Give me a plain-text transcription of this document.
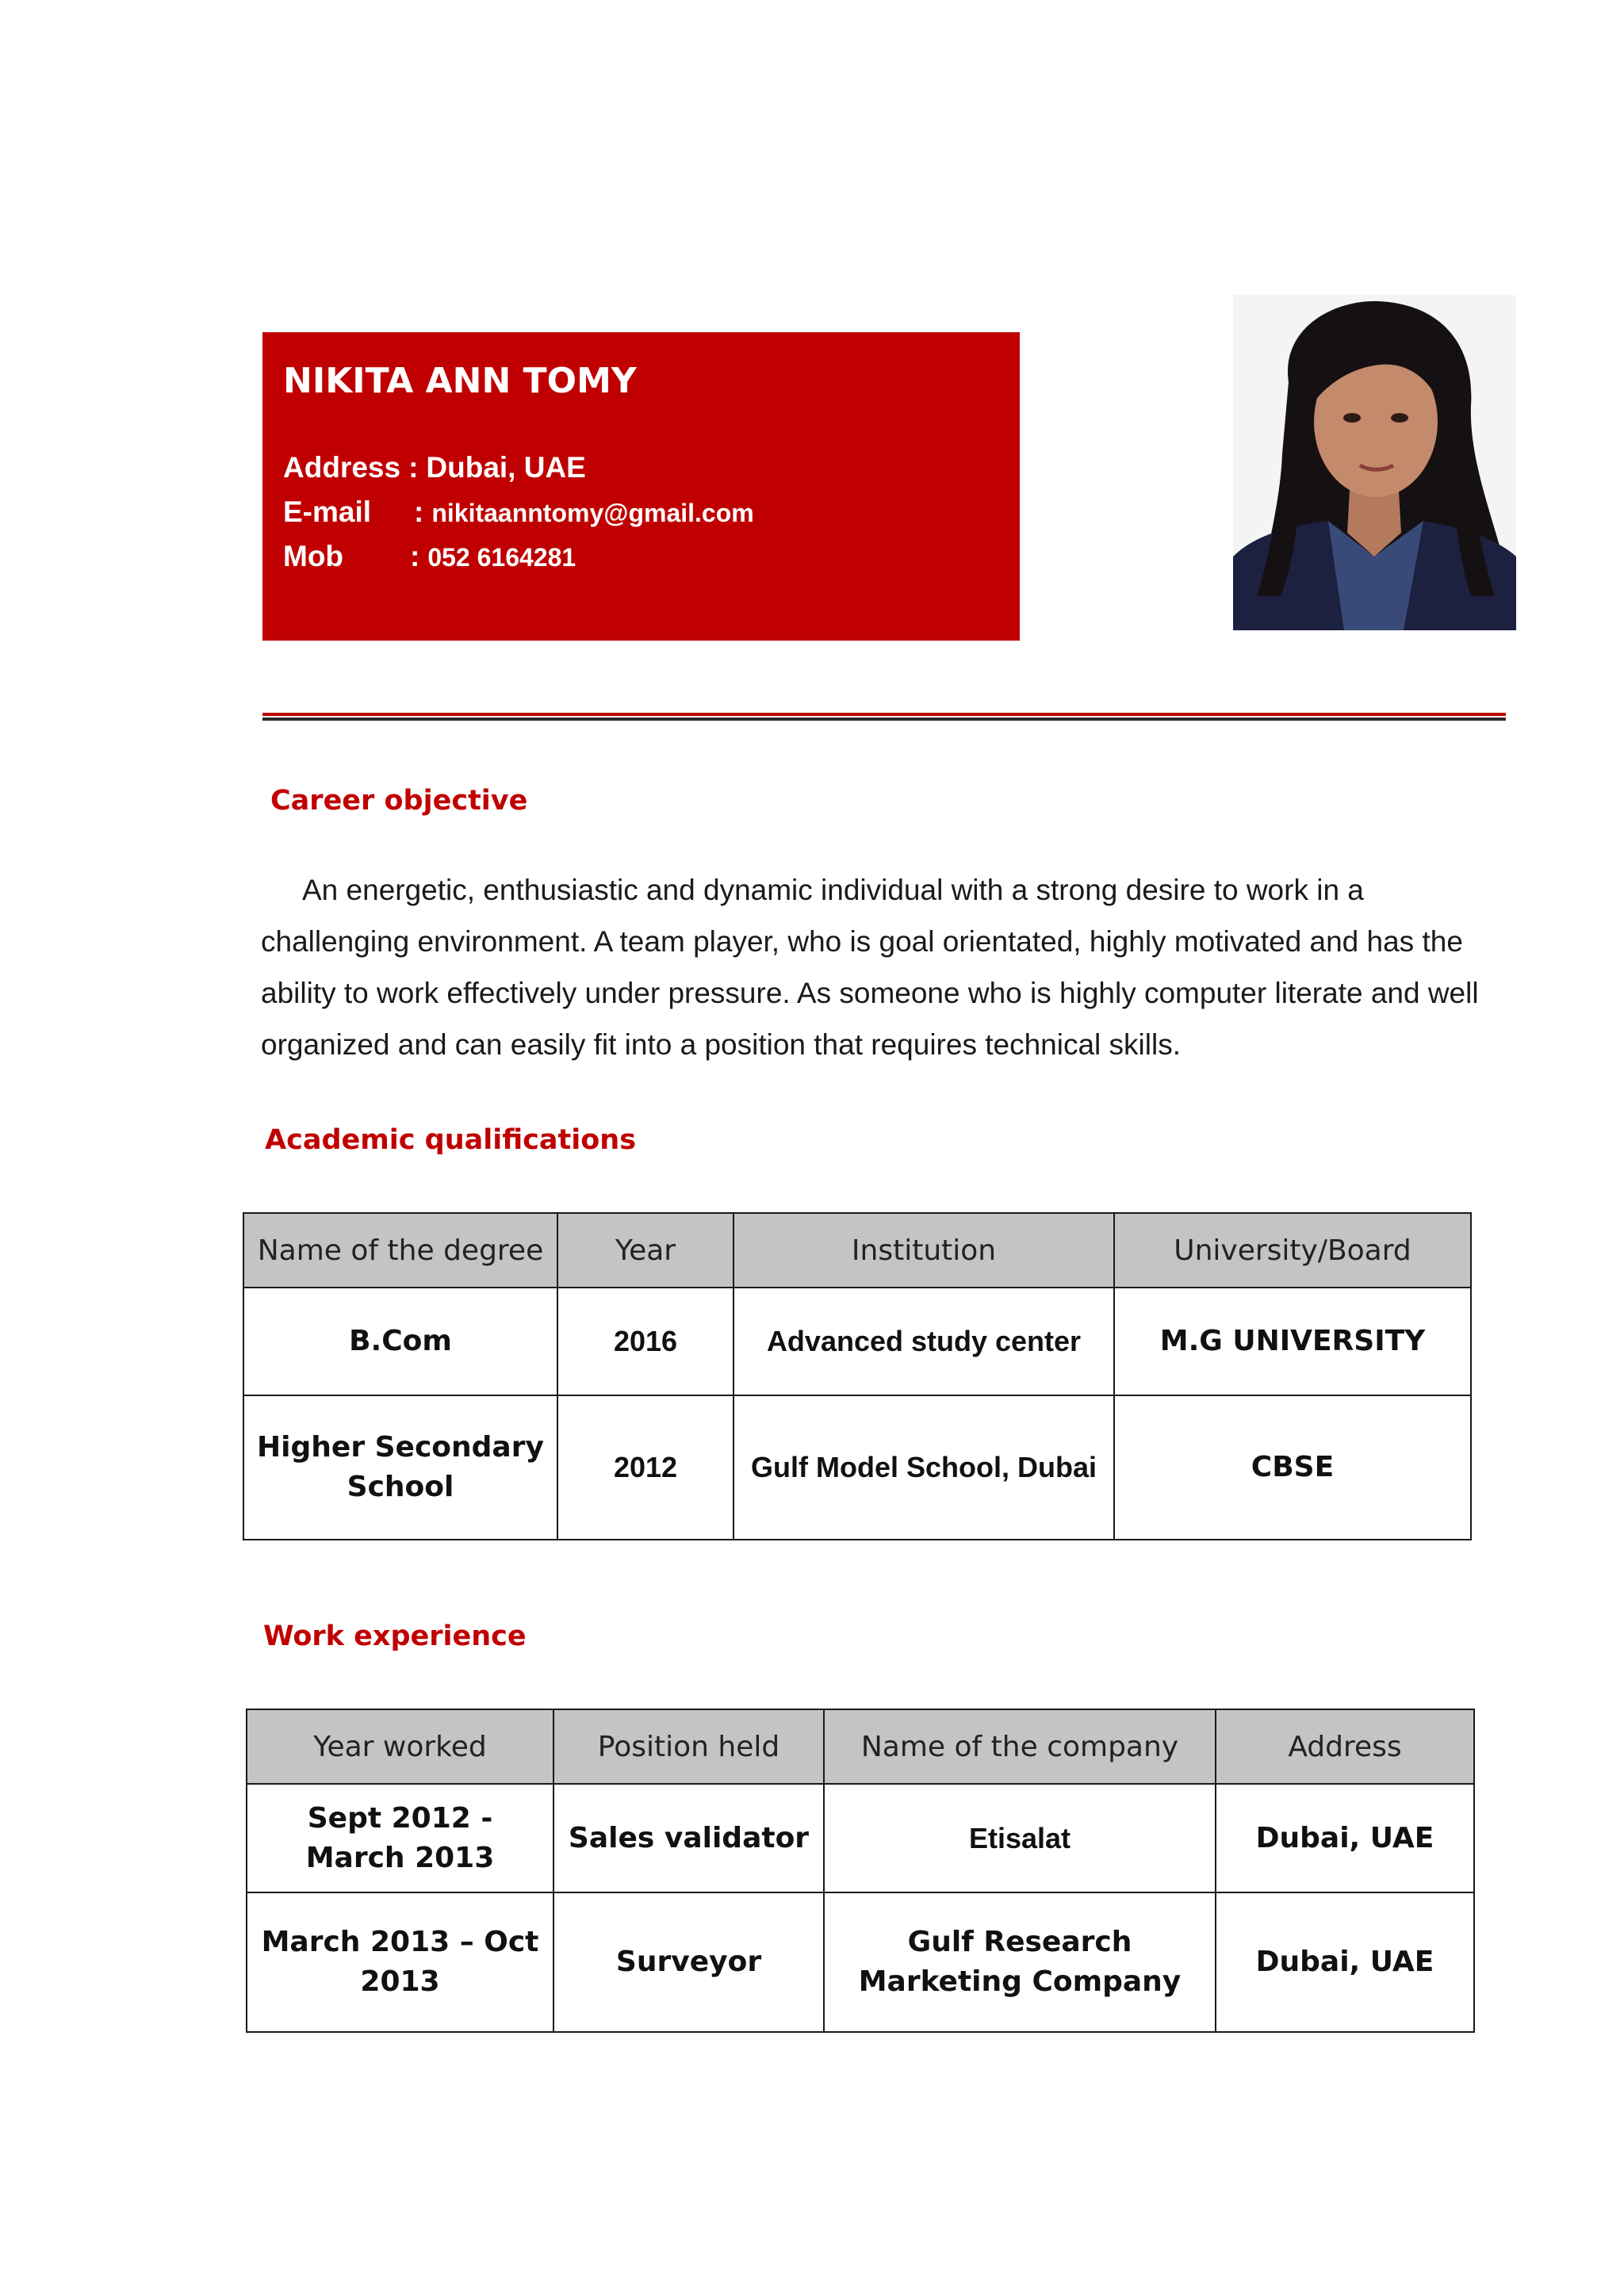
NIKITA ANN TOMY
Address : Dubai, UAE
E-mail	: nikitaanntomy@gmail.com
Mob	: 052 6164281
Career objective

An energetic, enthusiastic and dynamic individual with a strong desire to work in a challenging environment. A team player, who is goal orientated, highly motivated and has the ability to work effectively under pressure. As someone who is highly computer literate and well organized and can easily fit into a position that requires technical skills.

Academic qualifications
Name of the degree	Year	Institution	University/Board
B.Com	2016	Advanced study center	M.G UNIVERSITY
Higher Secondary School	2012	Gulf Model School, Dubai	CBSE
Work experience
Year worked	Position held	Name of the company	Address
Sept 2012 - March 2013	Sales validator	Etisalat	Dubai, UAE
March 2013 – Oct 2013	Surveyor	Gulf Research Marketing Company	Dubai, UAE
